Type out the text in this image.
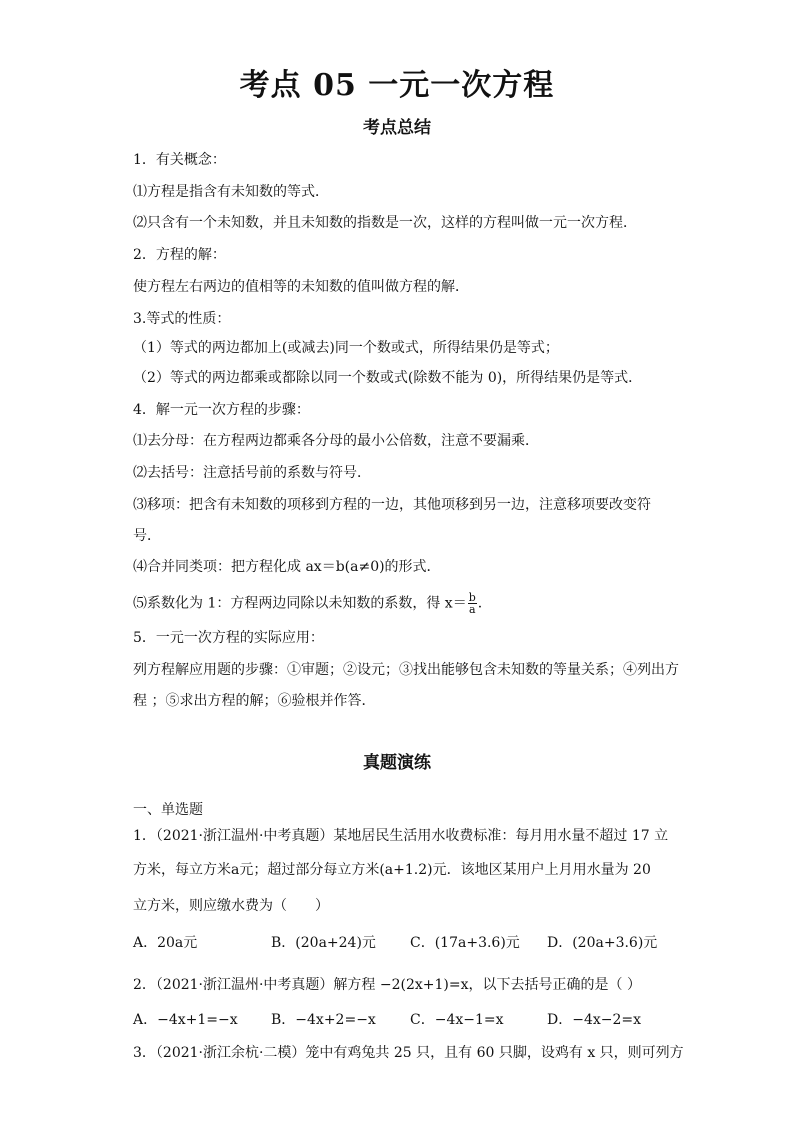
考点 05 一元一次方程
考点总结
1．有关概念：
⑴方程是指含有未知数的等式．
⑵只含有一个未知数，并且未知数的指数是一次，这样的方程叫做一元一次方程．
2．方程的解：
使方程左右两边的值相等的未知数的值叫做方程的解．
3.等式的性质：
（1）等式的两边都加上(或减去)同一个数或式，所得结果仍是等式；
（2）等式的两边都乘或都除以同一个数或式(除数不能为 0)，所得结果仍是等式．
4．解一元一次方程的步骤：
⑴去分母：在方程两边都乘各分母的最小公倍数，注意不要漏乘．
⑵去括号：注意括号前的系数与符号．
⑶移项：把含有未知数的项移到方程的一边，其他项移到另一边，注意移项要改变符
号．
⑷合并同类项：把方程化成 ax＝b(a≠0)的形式．
⑸系数化为 1：方程两边同除以未知数的系数，得 $x= \frac{b}{a}$ .
5．一元一次方程的实际应用：
列方程解应用题的步骤：①审题；②设元；③找出能够包含未知数的等量关系；④列出方
程 ；⑤求出方程的解；⑥验根并作答．
真题演练
一、单选题
1．（2021·浙江温州·中考真题）某地居民生活用水收费标准：每月用水量不超过 17 立
方米，每立方米a元；超过部分每立方米(a+1.2)元．该地区某用户上月用水量为 20
立方米，则应缴水费为（　　）
A．20a元	B．(20a+24)元 C．(17a+3.6)元 D．(20a+3.6)元
2．（2021·浙江温州·中考真题）解方程 −2(2x+1)=x，以下去括号正确的是（ ）
A．−4x+1=−x B．−4x+2=−x C．−4x−1=x	D．−4x−2=x
3．（2021·浙江余杭·二模）笼中有鸡兔共 25 只，且有 60 只脚，设鸡有 x 只，则可列方
